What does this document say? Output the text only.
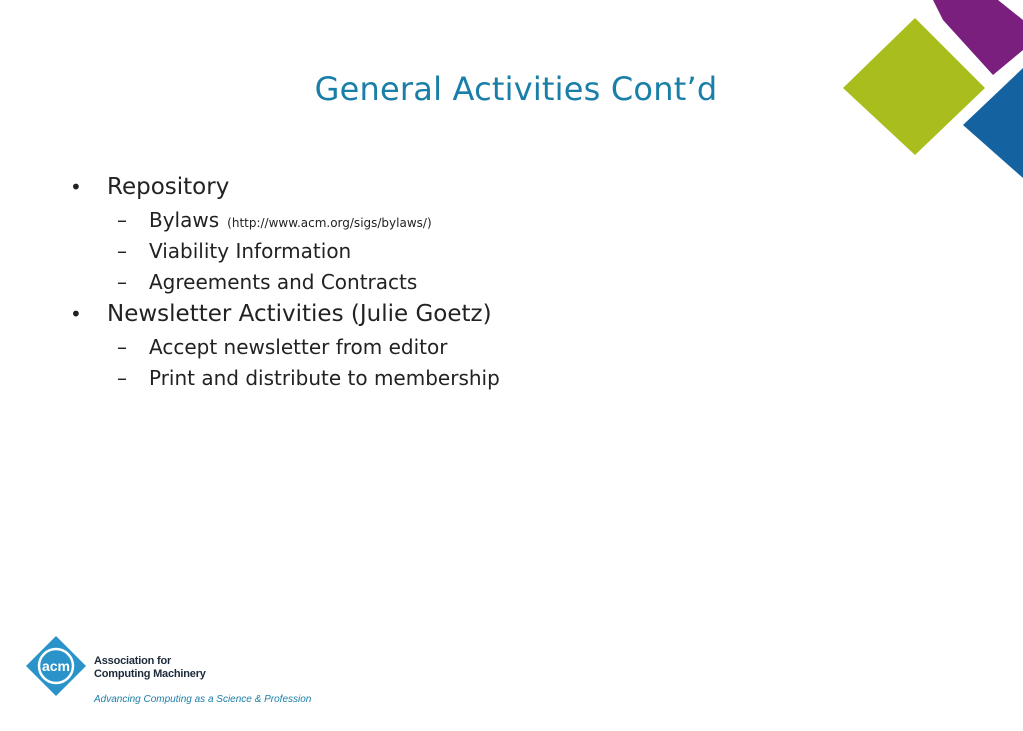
General Activities Cont’d
•	Repository
–	Bylaws (http://www.acm.org/sigs/bylaws/)
–	Viability Information
–	Agreements and Contracts
•	Newsletter Activities (Julie Goetz)
–	Accept newsletter from editor
–	Print and distribute to membership
acm Association for
Computing Machinery
Advancing Computing as a Science & Profession
